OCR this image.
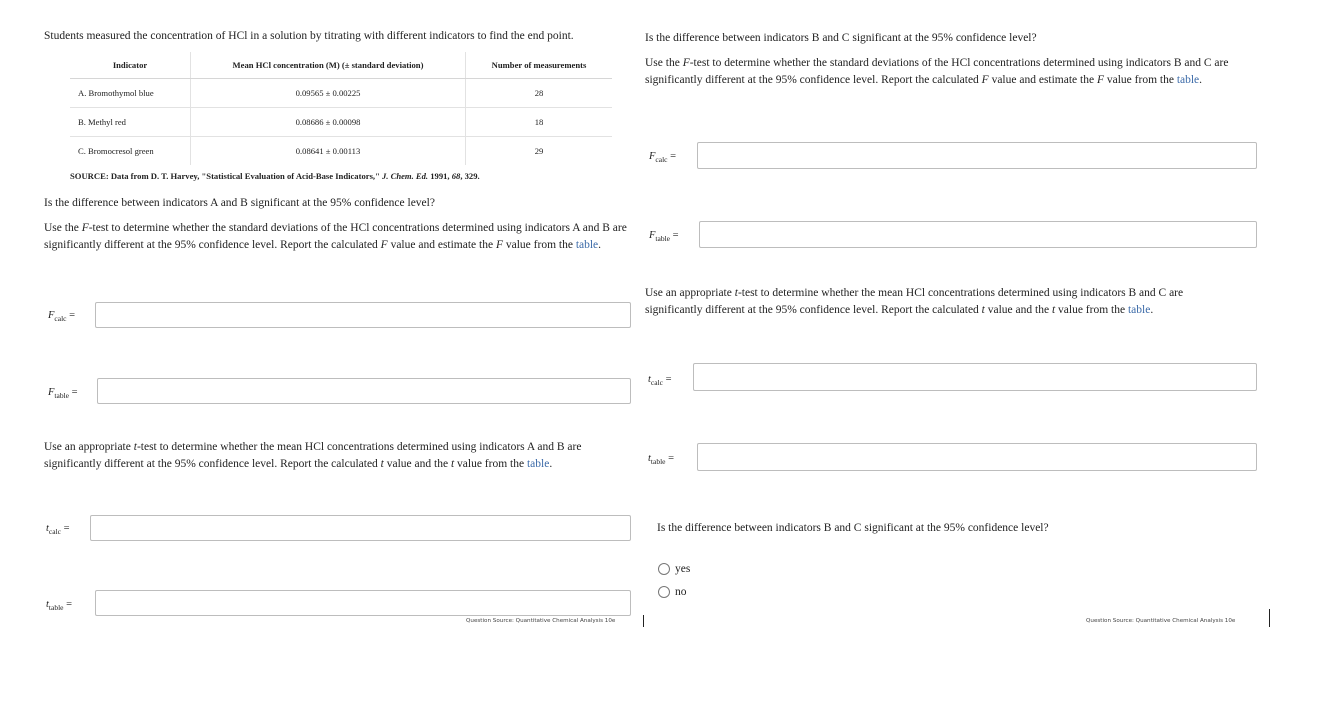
Students measured the concentration of HCl in a solution by titrating with different indicators to find the end point.
Indicator	Mean HCl concentration (M) (± standard deviation)	Number of measurements
A. Bromothymol blue	0.09565 ± 0.00225	28
B. Methyl red	0.08686 ± 0.00098	18
C. Bromocresol green	0.08641 ± 0.00113	29
SOURCE: Data from D. T. Harvey, "Statistical Evaluation of Acid-Base Indicators," J. Chem. Ed. 1991, 68, 329.
Is the difference between indicators A and B significant at the 95% confidence level?
Use the F-test to determine whether the standard deviations of the HCl concentrations determined using indicators A and B are significantly different at the 95% confidence level. Report the calculated F value and estimate the F value from the table.
$F_{calc}$ =
$F_{table}$ =
Use an appropriate t-test to determine whether the mean HCl concentrations determined using indicators A and B are significantly different at the 95% confidence level. Report the calculated t value and the t value from the table.
$t_{calc}$ =
$t_{table}$ =
Question Source: Quantitative Chemical Analysis 10e
Is the difference between indicators B and C significant at the 95% confidence level?
Use the F-test to determine whether the standard deviations of the HCl concentrations determined using indicators B and C are significantly different at the 95% confidence level. Report the calculated F value and estimate the F value from the table.
$F_{calc}$ =
$F_{table}$ =
Use an appropriate t-test to determine whether the mean HCl concentrations determined using indicators B and C are significantly different at the 95% confidence level. Report the calculated t value and the t value from the table.
$t_{calc}$ =
$t_{table}$ =
Is the difference between indicators B and C significant at the 95% confidence level?
yes
no
Question Source: Quantitative Chemical Analysis 10e
